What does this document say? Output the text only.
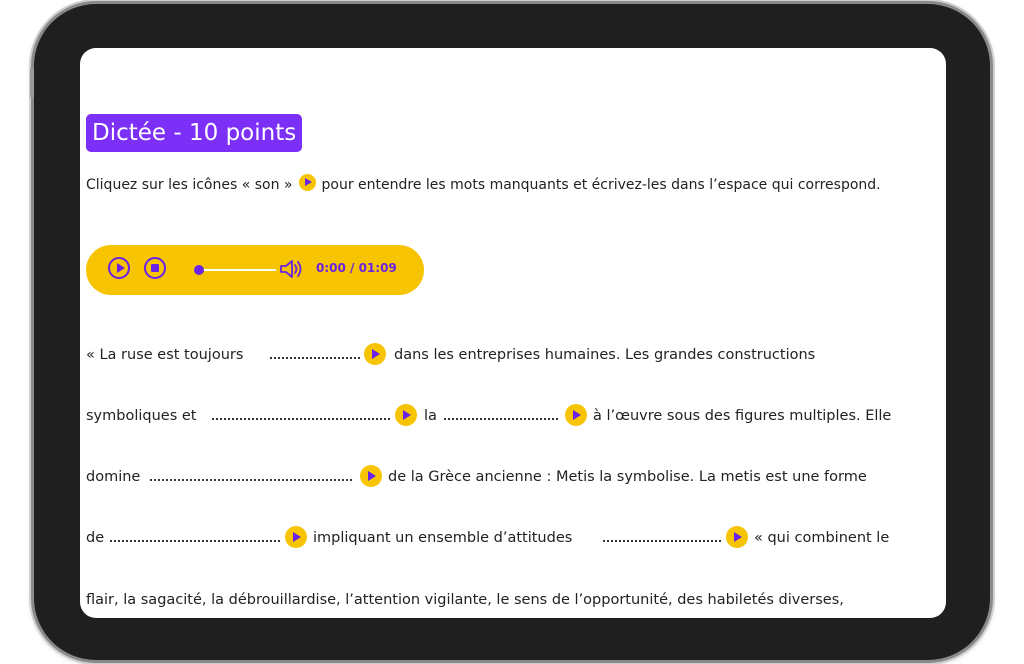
Dictée - 10 points
Cliquez sur les icônes « son » pour entendre les mots manquants et écrivez-les dans l’espace qui correspond.
0:00 / 01:09
« La ruse est toujours	dans les entreprises humaines. Les grandes constructions
symboliques et	la	à l’œuvre sous des figures multiples. Elle
domine	de la Grèce ancienne : Metis la symbolise. La metis est une forme
de	impliquant un ensemble d’attitudes	« qui combinent le
flair, la sagacité, la débrouillardise, l’attention vigilante, le sens de l’opportunité, des habiletés diverses,
